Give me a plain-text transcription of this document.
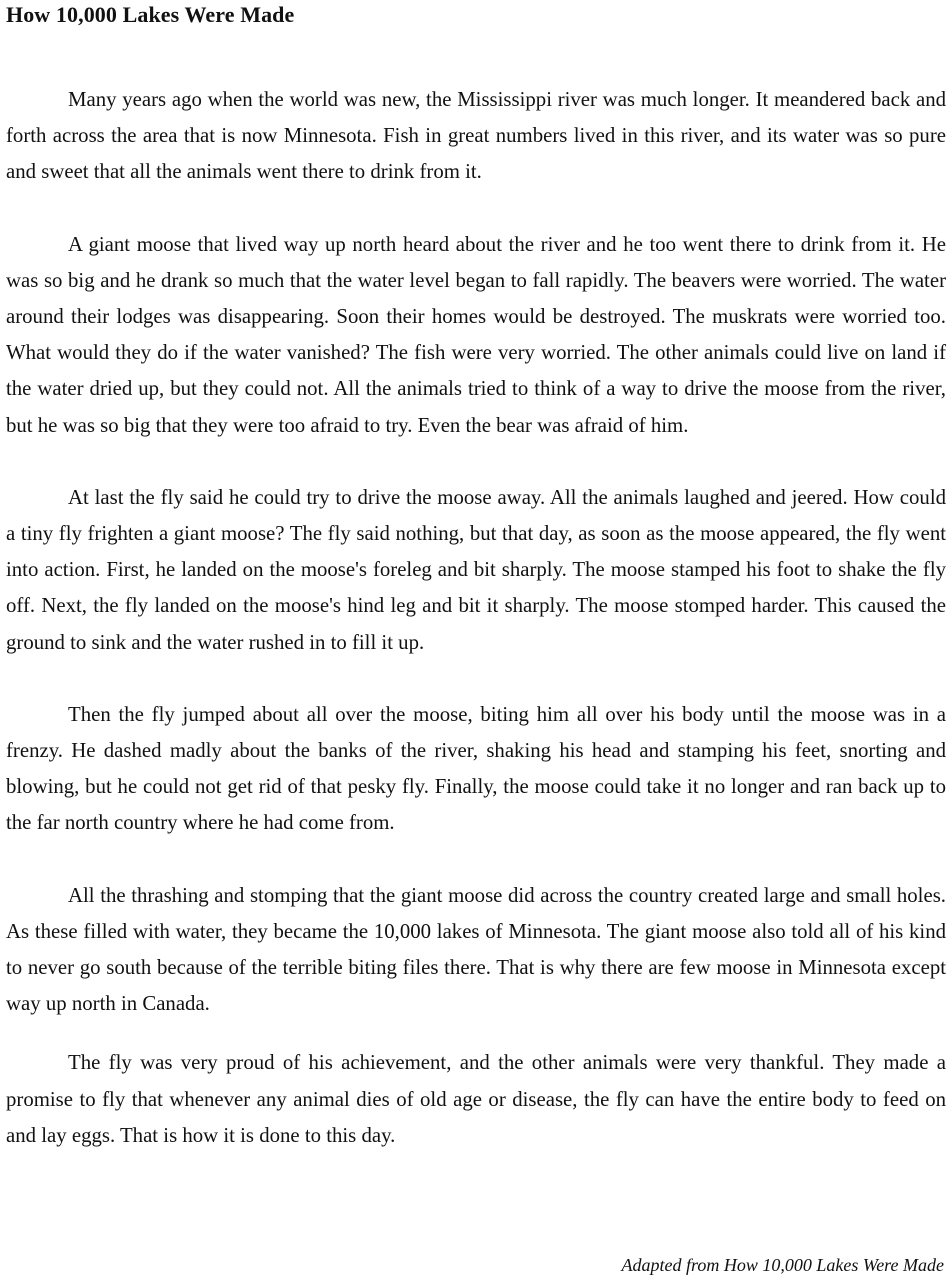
How 10,000 Lakes Were Made

Many years ago when the world was new, the Mississippi river was much longer. It meandered back and forth across the area that is now Minnesota. Fish in great numbers lived in this river, and its water was so pure and sweet that all the animals went there to drink from it.

A giant moose that lived way up north heard about the river and he too went there to drink from it. He was so big and he drank so much that the water level began to fall rapidly. The beavers were worried. The water around their lodges was disappearing. Soon their homes would be destroyed. The muskrats were worried too. What would they do if the water vanished? The fish were very worried. The other animals could live on land if the water dried up, but they could not. All the animals tried to think of a way to drive the moose from the river, but he was so big that they were too afraid to try. Even the bear was afraid of him.

At last the fly said he could try to drive the moose away. All the animals laughed and jeered. How could a tiny fly frighten a giant moose? The fly said nothing, but that day, as soon as the moose appeared, the fly went into action. First, he landed on the moose's foreleg and bit sharply. The moose stamped his foot to shake the fly off. Next, the fly landed on the moose's hind leg and bit it sharply. The moose stomped harder. This caused the ground to sink and the water rushed in to fill it up.

Then the fly jumped about all over the moose, biting him all over his body until the moose was in a frenzy. He dashed madly about the banks of the river, shaking his head and stamping his feet, snorting and blowing, but he could not get rid of that pesky fly. Finally, the moose could take it no longer and ran back up to the far north country where he had come from.

All the thrashing and stomping that the giant moose did across the country created large and small holes. As these filled with water, they became the 10,000 lakes of Minnesota. The giant moose also told all of his kind to never go south because of the terrible biting files there. That is why there are few moose in Minnesota except way up north in Canada.

The fly was very proud of his achievement, and the other animals were very thankful. They made a promise to fly that whenever any animal dies of old age or disease, the fly can have the entire body to feed on and lay eggs. That is how it is done to this day.

Adapted from How 10,000 Lakes Were Made
